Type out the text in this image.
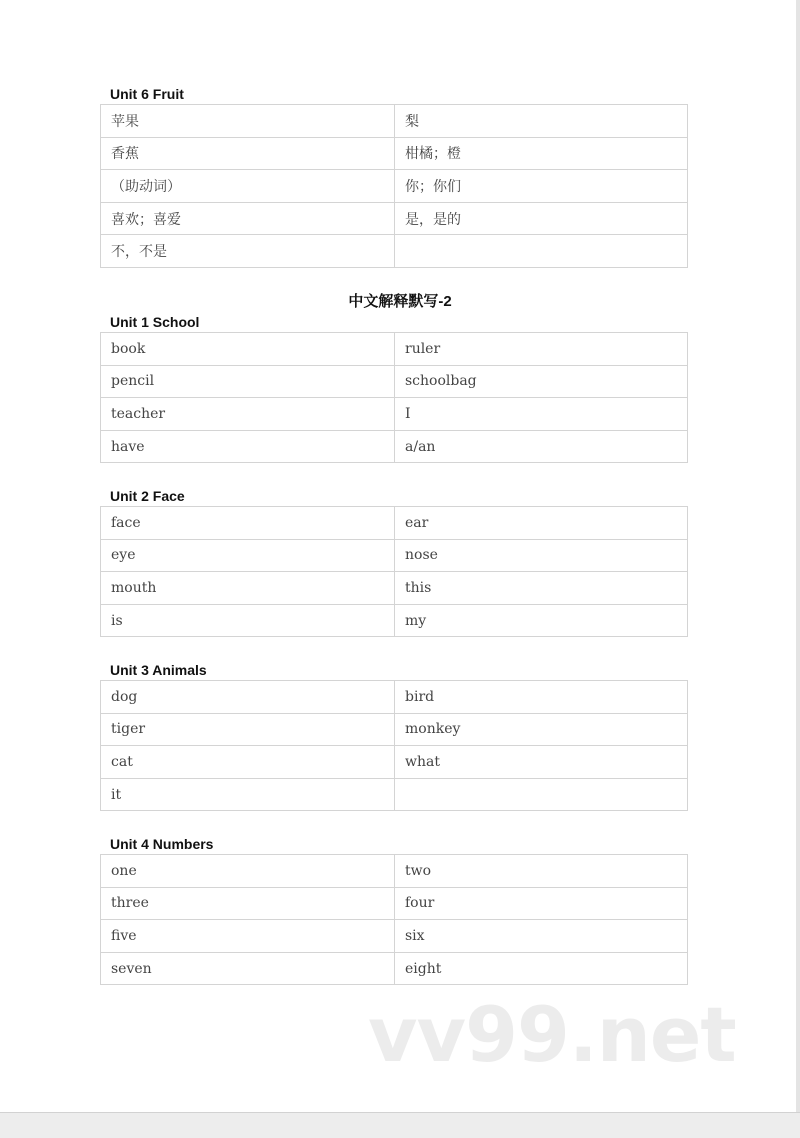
Unit 6 Fruit
苹果	梨
香蕉	柑橘；橙
（助动词）	你；你们
喜欢；喜爱	是，是的
不，不是	
中文解释默写-2
Unit 1 School
book	ruler
pencil	schoolbag
teacher	I
have	a/an
Unit 2 Face
face	ear
eye	nose
mouth	this
is	my
Unit 3 Animals
dog	bird
tiger	monkey
cat	what
it	
Unit 4 Numbers
one	two
three	four
five	six
seven	eight
vv99.net
